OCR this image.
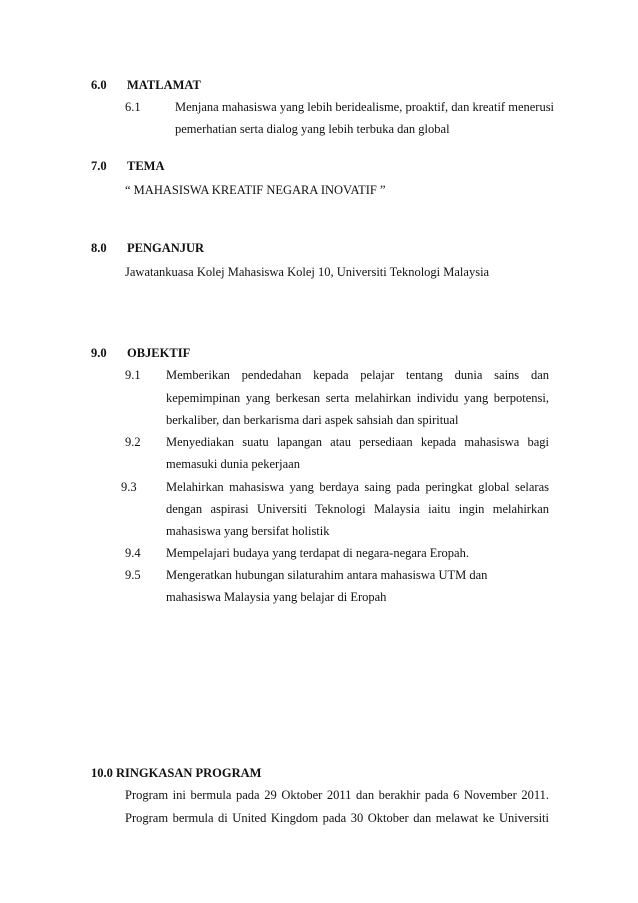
6.0 MATLAMAT
6.1	Menjana mahasiswa yang lebih beridealisme, proaktif, dan kreatif menerusi
pemerhatian serta dialog yang lebih terbuka dan global
7.0 TEMA
“ MAHASISWA KREATIF NEGARA INOVATIF ”
8.0 PENGANJUR
Jawatankuasa Kolej Mahasiswa Kolej 10, Universiti Teknologi Malaysia
9.0 OBJEKTIF
9.1 Memberikan pendedahan kepada pelajar tentang dunia sains dan
kepemimpinan yang berkesan serta melahirkan individu yang berpotensi,
berkaliber, dan berkarisma dari aspek sahsiah dan spiritual
9.2 Menyediakan suatu lapangan atau persediaan kepada mahasiswa bagi
memasuki dunia pekerjaan
9.3 Melahirkan mahasiswa yang berdaya saing pada peringkat global selaras
dengan aspirasi Universiti Teknologi Malaysia iaitu ingin melahirkan
mahasiswa yang bersifat holistik
9.4 Mempelajari budaya yang terdapat di negara-negara Eropah.
9.5 Mengeratkan hubungan silaturahim antara mahasiswa UTM dan
mahasiswa Malaysia yang belajar di Eropah
10.0 RINGKASAN PROGRAM
Program ini bermula pada 29 Oktober 2011 dan berakhir pada 6 November 2011.
Program bermula di United Kingdom pada 30 Oktober dan melawat ke Universiti
